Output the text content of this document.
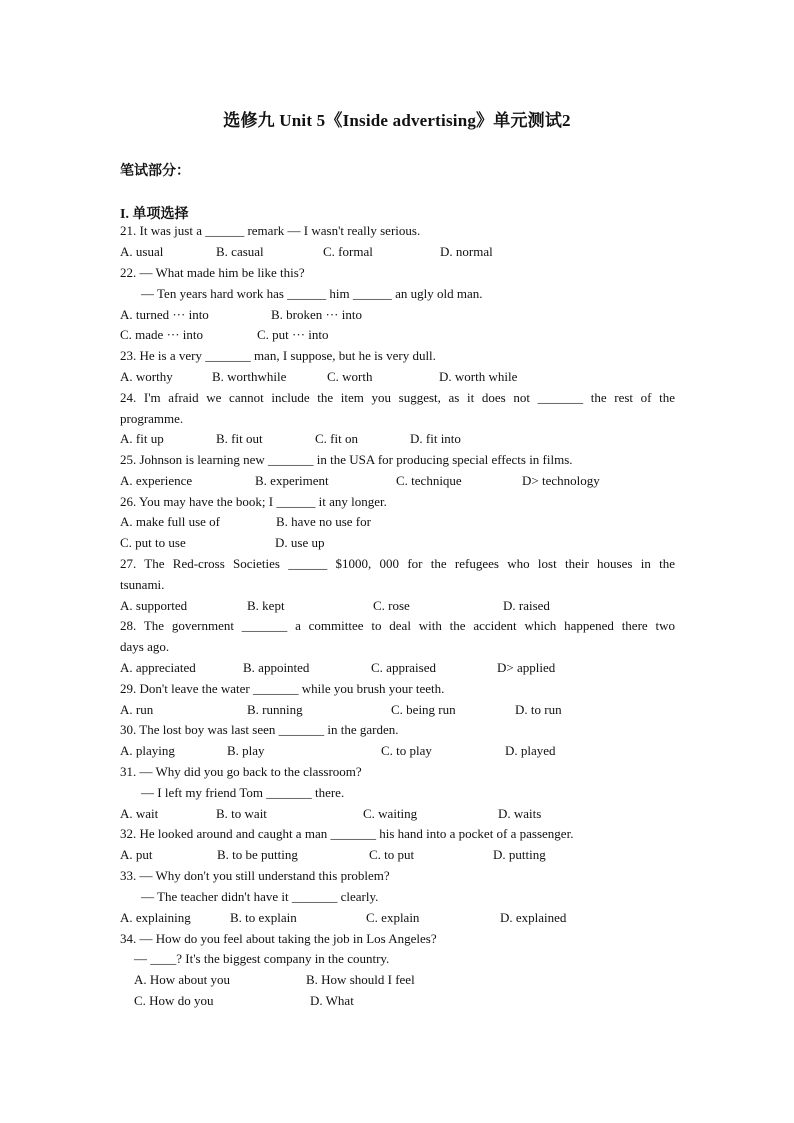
选修九 Unit 5《Inside advertising》单元测试2
笔试部分：
I. 单项选择
21. It was just a ______ remark — I wasn't really serious.
A. usual	B. casual	C. formal	D. normal
22. — What made him be like this?
— Ten years hard work has ______ him ______ an ugly old man.
A. turned ··· into	B. broken ··· into
C. made ··· into	C. put ··· into
23. He is a very _______ man, I suppose, but he is very dull.
A. worthy	B. worthwhile	C. worth	D. worth while
24. I'm afraid we cannot include the item you suggest, as it does not _______ the rest of the
programme.
A. fit up	B. fit out	C. fit on	D. fit into
25. Johnson is learning new _______ in the USA for producing special effects in films.
A. experience	B. experiment	C. technique	D> technology
26. You may have the book; I ______ it any longer.
A. make full use of	B. have no use for
C. put to use	D. use up
27. The Red-cross Societies ______ $1000, 000 for the refugees who lost their houses in the
tsunami.
A. supported	B. kept	C. rose	D. raised
28. The government _______ a committee to deal with the accident which happened there two
days ago.
A. appreciated	B. appointed	C. appraised	D> applied
29. Don't leave the water _______ while you brush your teeth.
A. run	B. running	C. being run	D. to run
30. The lost boy was last seen _______ in the garden.
A. playing	B. play	C. to play	D. played
31. — Why did you go back to the classroom?
— I left my friend Tom _______ there.
A. wait	B. to wait	C. waiting	D. waits
32. He looked around and caught a man _______ his hand into a pocket of a passenger.
A. put	B. to be putting	C. to put	D. putting
33. — Why don't you still understand this problem?
— The teacher didn't have it _______ clearly.
A. explaining	B. to explain	C. explain	D. explained
34. — How do you feel about taking the job in Los Angeles?
— ____? It's the biggest company in the country.
A. How about you	B. How should I feel
C. How do you	D. What
